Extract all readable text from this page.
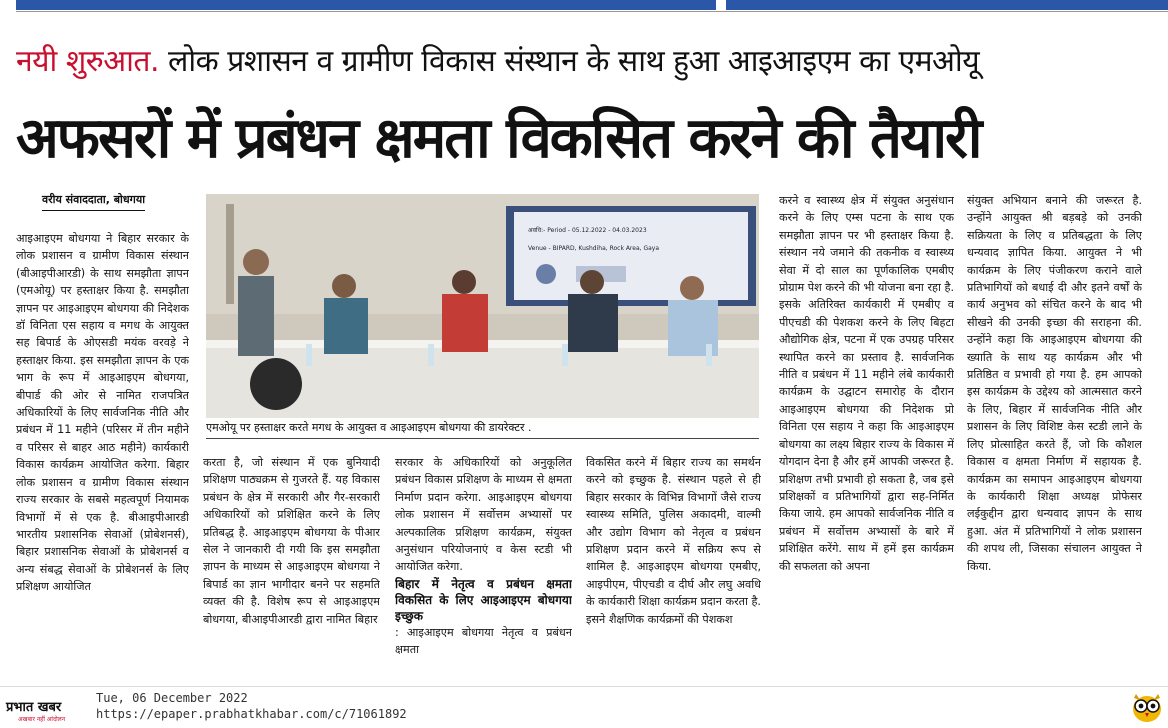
नयी शुरुआत. लोक प्रशासन व ग्रामीण विकास संस्थान के साथ हुआ आइआइएम का एमओयू
अफसरों में प्रबंधन क्षमता विकसित करने की तैयारी
वरीय संवाददाता, बोधगया
आइआइएम बोधगया ने बिहार सरकार के लोक प्रशासन व ग्रामीण विकास संस्थान (बीआइपीआरडी) के साथ समझौता ज्ञापन (एमओयू) पर हस्ताक्षर किया है. समझौता ज्ञापन पर आइआइएम बोधगया की निदेशक डॉ विनिता एस सहाय व मगध के आयुक्त सह बिपार्ड के ओएसडी मयंक वरवड़े ने हस्ताक्षर किया. इस समझौता ज्ञापन के एक भाग के रूप में आइआइएम बोधगया, बीपार्ड की ओर से नामित राजपत्रित अधिकारियों के लिए सार्वजनिक नीति और प्रबंधन में 11 महीने (परिसर में तीन महीने व परिसर से बाहर आठ महीने) कार्यकारी विकास कार्यक्रम आयोजित करेगा. बिहार लोक प्रशासन व ग्रामीण विकास संस्थान राज्य सरकार के सबसे महत्वपूर्ण नियामक विभागों में से एक है. बीआइपीआरडी भारतीय प्रशासनिक सेवाओं (प्रोबेशनर्स), बिहार प्रशासनिक सेवाओं के प्रोबेशनर्स व अन्य संबद्ध सेवाओं के प्रोबेशनर्स के लिए प्रशिक्षण आयोजित
अवधि:- Period - 05.12.2022 - 04.03.2023
Venue - BIPARD, Kushdiha, Rock Area, Gaya
एमओयू पर हस्ताक्षर करते मगध के आयुक्त व आइआइएम बोधगया की डायरेक्टर .
करता है, जो संस्थान में एक बुनियादी प्रशिक्षण पाठ्यक्रम से गुजरते हैं. यह विकास प्रबंधन के क्षेत्र में सरकारी और गैर-सरकारी अधिकारियों को प्रशिक्षित करने के लिए प्रतिबद्ध है. आइआइएम बोधगया के पीआर सेल ने जानकारी दी गयी कि इस समझौता ज्ञापन के माध्यम से आइआइएम बोधगया ने बिपार्ड का ज्ञान भागीदार बनने पर सहमति व्यक्त की है. विशेष रूप से आइआइएम बोधगया, बीआइपीआरडी द्वारा नामित बिहार
सरकार के अधिकारियों को अनुकूलित प्रबंधन विकास प्रशिक्षण के माध्यम से क्षमता निर्माण प्रदान करेगा. आइआइएम बोधगया लोक प्रशासन में सर्वोत्तम अभ्यासों पर अल्पकालिक प्रशिक्षण कार्यक्रम, संयुक्त अनुसंधान परियोजनाएं व केस स्टडी भी आयोजित करेगा.
बिहार में नेतृत्व व प्रबंधन क्षमता विकसित के लिए आइआइएम बोधगया इच्छुक
: आइआइएम बोधगया नेतृत्व व प्रबंधन क्षमता
विकसित करने में बिहार राज्य का समर्थन करने को इच्छुक है. संस्थान पहले से ही बिहार सरकार के विभिन्न विभागों जैसे राज्य स्वास्थ्य समिति, पुलिस अकादमी, वाल्मी और उद्योग विभाग को नेतृत्व व प्रबंधन प्रशिक्षण प्रदान करने में सक्रिय रूप से शामिल है. आइआइएम बोधगया एमबीए, आइपीएम, पीएचडी व दीर्घ और लघु अवधि के कार्यकारी शिक्षा कार्यक्रम प्रदान करता है. इसने शैक्षणिक कार्यक्रमों की पेशकश
करने व स्वास्थ्य क्षेत्र में संयुक्त अनुसंधान करने के लिए एम्स पटना के साथ एक समझौता ज्ञापन पर भी हस्ताक्षर किया है. संस्थान नये जमाने की तकनीक व स्वास्थ्य सेवा में दो साल का पूर्णकालिक एमबीए प्रोग्राम पेश करने की भी योजना बना रहा है. इसके अतिरिक्त कार्यकारी में एमबीए व पीएचडी की पेशकश करने के लिए बिहटा औद्योगिक क्षेत्र, पटना में एक उपग्रह परिसर स्थापित करने का प्रस्ताव है. सार्वजनिक नीति व प्रबंधन में 11 महीने लंबे कार्यकारी कार्यक्रम के उद्घाटन समारोह के दौरान आइआइएम बोधगया की निदेशक प्रो विनिता एस सहाय ने कहा कि आइआइएम बोधगया का लक्ष्य बिहार राज्य के विकास में योगदान देना है और हमें आपकी जरूरत है. प्रशिक्षण तभी प्रभावी हो सकता है, जब इसे प्रशिक्षकों व प्रतिभागियों द्वारा सह-निर्मित किया जाये. हम आपको सार्वजनिक नीति व प्रबंधन में सर्वोत्तम अभ्यासों के बारे में प्रशिक्षित करेंगे. साथ में हमें इस कार्यक्रम की सफलता को अपना
संयुक्त अभियान बनाने की जरूरत है. उन्होंने आयुक्त श्री बड़बड़े को उनकी सक्रियता के लिए व प्रतिबद्धता के लिए धन्यवाद ज्ञापित किया. आयुक्त ने भी कार्यक्रम के लिए पंजीकरण कराने वाले प्रतिभागियों को बधाई दी और इतने वर्षों के कार्य अनुभव को संचित करने के बाद भी सीखने की उनकी इच्छा की सराहना की. उन्होंने कहा कि आइआइएम बोधगया की ख्याति के साथ यह कार्यक्रम और भी प्रतिष्ठित व प्रभावी हो गया है. हम आपको इस कार्यक्रम के उद्देश्य को आत्मसात करने के लिए, बिहार में सार्वजनिक नीति और प्रशासन के लिए विशिष्ट केस स्टडी लाने के लिए प्रोत्साहित करते हैं, जो कि कौशल विकास व क्षमता निर्माण में सहायक है. कार्यक्रम का समापन आइआइएम बोधगया के कार्यकारी शिक्षा अध्यक्ष प्रोफेसर लईकुद्दीन द्वारा धन्यवाद ज्ञापन के साथ हुआ. अंत में प्रतिभागियों ने लोक प्रशासन की शपथ ली, जिसका संचालन आयुक्त ने किया.
प्रभात खबर
अखबार नहीं आंदोलन
Tue, 06 December 2022
https://epaper.prabhatkhabar.com/c/71061892
